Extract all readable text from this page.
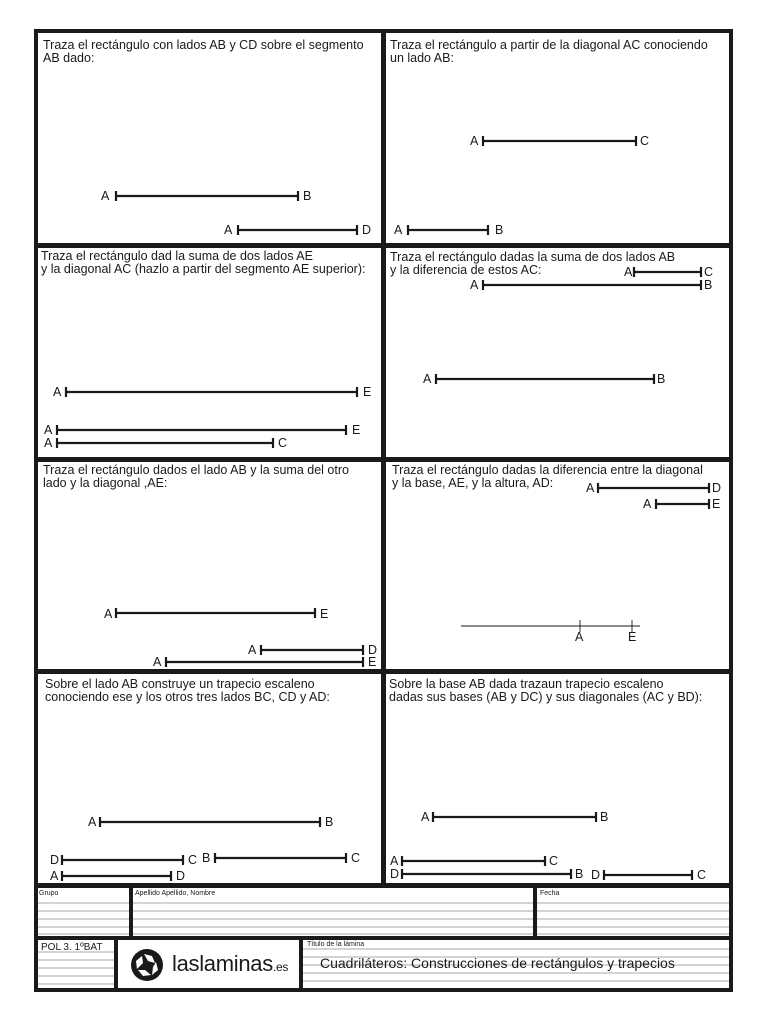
Traza el rectángulo con lados AB y CD sobre el segmento
AB dado:
A	B
A	D
Traza el rectángulo a partir de la diagonal AC conociendo
un lado AB:
A	C
A	B
Traza el rectángulo dad la suma de dos lados AE
y la diagonal AC (hazlo a partir del segmento AE superior):
A	E
A	E
A	C
Traza el rectángulo dadas la suma de dos lados AB
y la diferencia de estos AC:	A	C
A	B
A	B
Traza el rectángulo dados el lado AB y la suma del otro
lado y la diagonal ,AE:
A	E
A	D
A	E
Traza el rectángulo dadas la diferencia entre la diagonal
y la base, AE, y la altura, AD:	A	D
A	E
A	E
Sobre el lado AB construye un trapecio escaleno
conociendo ese y los otros tres lados BC, CD y AD:
A	B
D	C B	C
A	D
Sobre la base AB dada trazaun trapecio escaleno
dadas sus bases (AB y DC) y sus diagonales (AC y BD):
A	B
A	C
D	B D	C
Grupo	Apellido Apellido, Nombre	Fecha
POL 3. 1ºBAT
laslaminas.es
Título de la lámina
Cuadriláteros: Construcciones de rectángulos y trapecios
